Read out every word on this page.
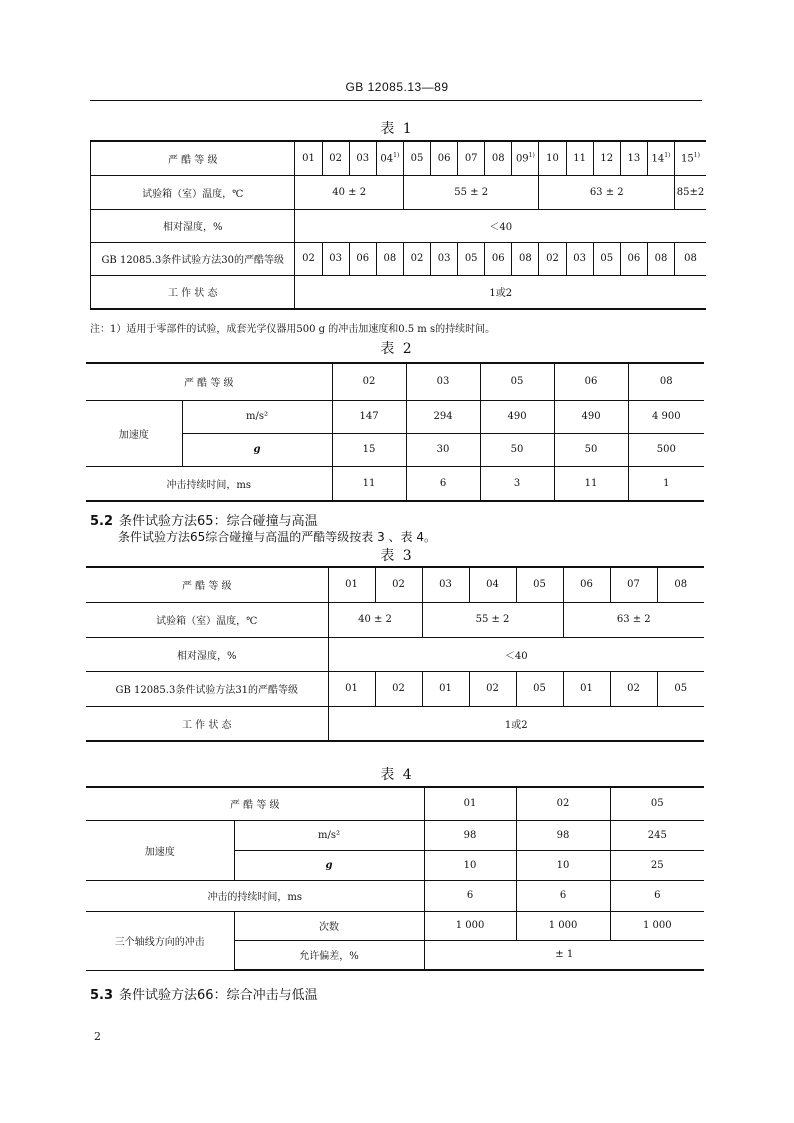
GB 12085.13—89
表 1
严 酷 等 级	01	02	03	04$^{1)}$	05	06	07	08	09$^{1)}$	10	11	12	13	14$^{1)}$	15$^{1)}$
试验箱（室）温度，℃	40 ± 2				55 ± 2					63 ± 2					85±2
相对湿度，%	＜40														
GB 12085.3条件试验方法30的严酷等级	02	03	06	08	02	03	05	06	08	02	03	05	06	08	08
工 作 状 态	1或2														
注：1）适用于零部件的试验，成套光学仪器用500 g 的冲击加速度和0.5 m s的持续时间。
表 2
严 酷 等 级		02	03	05	06	08
加速度	m/s²	147	294	490	490	4 900
	g	15	30	50	50	500
冲击持续时间，ms		11	6	3	11	1
5.2 条件试验方法65：综合碰撞与高温
条件试验方法65综合碰撞与高温的严酷等级按表 3 、表 4。
表 3
严 酷 等 级	01	02	03	04	05	06	07	08
试验箱（室）温度，℃	40 ± 2		55 ± 2			63 ± 2		
相对湿度，%	＜40							
GB 12085.3条件试验方法31的严酷等级	01	02	01	02	05	01	02	05
工 作 状 态	1或2							
表 4
严 酷 等 级		01	02	05
加速度	m/s²	98	98	245
	g	10	10	25
冲击的持续时间，ms		6	6	6
三个轴线方向的冲击	次数	1 000	1 000	1 000
	允许偏差，%	± 1		
5.3 条件试验方法66：综合冲击与低温
2
